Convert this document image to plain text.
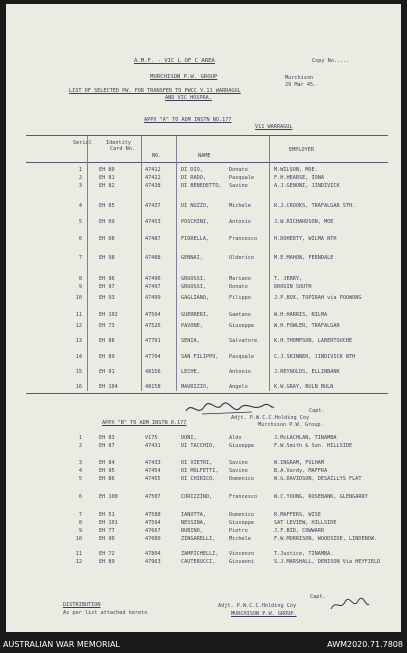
A.M.F. - VIC L OF C AREA	Copy No.....
MURCHISON P.W. GROUP	Murchison
29 Mar 45.
LIST OF SELECTED PW. FOR TRANSFER TO PWCC V.11 WARRAGUL
AND VIC HOSPRA.
APPX "A" TO ADM INSTN NO.177
V11 WARRAGUL
Serial	Identity
Card No.
NO.	NAME
EMPLOYER
1	EH 80	47412	DI DIO,	Donato	M.WILSON, MOE.
2	EH 81	47422	DI RADO,	Pasquale	F.H.HEARSE, IONA
3	EH 82	47438	DI BENEDETTO, Savino	A.J.GENONI, JINDIVICK
4	EH 85	47437	DI NUZZO,	Michele	R.J.CROOKS, TRAFALGAR STH.
5	EH 09	47453	POSCHINI,	Antonio	J.W.RICHARDSON, MOE
6	EH 08	47487	FIORELLA,	Francesco	H.DOHERTY, WILMA NTH
7	EH 98	47488	GENNAI,	Ulderico	M.E.MAHON, FERNDALE
8	EH 96	47496	GRUOSSI,	Mariano	T. JERRY,
9	EH 97	47497	GRUOSSI,	Donato	DROUIN SOUTH
10	EH 93	47499	GAGLIANO,	Filippo	J.P.BOX, TOPIRAH via POOWONG
11	EH 102	47504	GUERRERI,	Gaetano	W.H.HARRIS, NILMA
12	EH 73	47526	PAVONE,	Giuseppe	W.H.FOWLER, TRAFALGAR
13	EH 88	47701	SENIA,	Salvatore	K.H.THOMPSON, LABERTOUCHE
14	EH 89	47704	SAN FILIPPO, Pasquale	C.J.SKINNER, JINDIVICK NTH
15	EH 91	48156	LECHE,	Antonio	J.REYNOLDS, ELLINBANK
16	EH 104	48158	MAURIZIO,	Angelo	K.W.GRAY, BULN BULN
Capt.
Adjt. P.W.C.C.Holding Coy
Murchison P.W. Group.
APPX "B" TO ADM INSTN 0.177
1	EH 83	V175	DONI,	Aldo	J.McLACHLAN, TINAMBA
2	EH 87	47431	DI TACCHIO,	Giuseppe	F.W.Smith & Son. HILLSIDE
3	EH 84	47433	DI VIETRI,	Savino	W.INGRAM, FULHAM
4	EH 95	47454	DI MOLFETTI, Savino	B.A.Vardy, MAFFRA
5	EH 86	47455	DI CHIRICO,	Domenico	W.G.DAVIDSON, DESAILLYS FLAT
6	EH 100	47507	CORIZZINO,	Francesco	W.C.YOUNG, ROSEBANK, GLENGARRY
7	EH 51	47588	IANOTTA,	Domenico	R.MAFFERS, WISE
8	EH 101	47594	NESSINA,	Giuseppe	SAT LEVIEW, HILLSIDE
9	EH 77	47667	RUBINO,	Pietro	J.F.BID, COWWARR
10	EH 90	47680	ZINGARELLI,	Michele	F.W.MORRISON, WOODSIDE, LINDENOW.
11	EH 72	47804	ZAMPICHELLI, Vincenzo	T.Justice, TINAMBA.
12	EH 89	47963	CAUTERUCCI,	Giovanni	S.J.MARSHALL, DENISON Via HEYFIELD
Capt.
Adjt. P.W.C.C.Holding Coy
MURCHISON P.W. GROUP.
DISTRIBUTION
As per list attached hereto
AUSTRALIAN WAR MEMORIAL	AWM2020.71.7808
